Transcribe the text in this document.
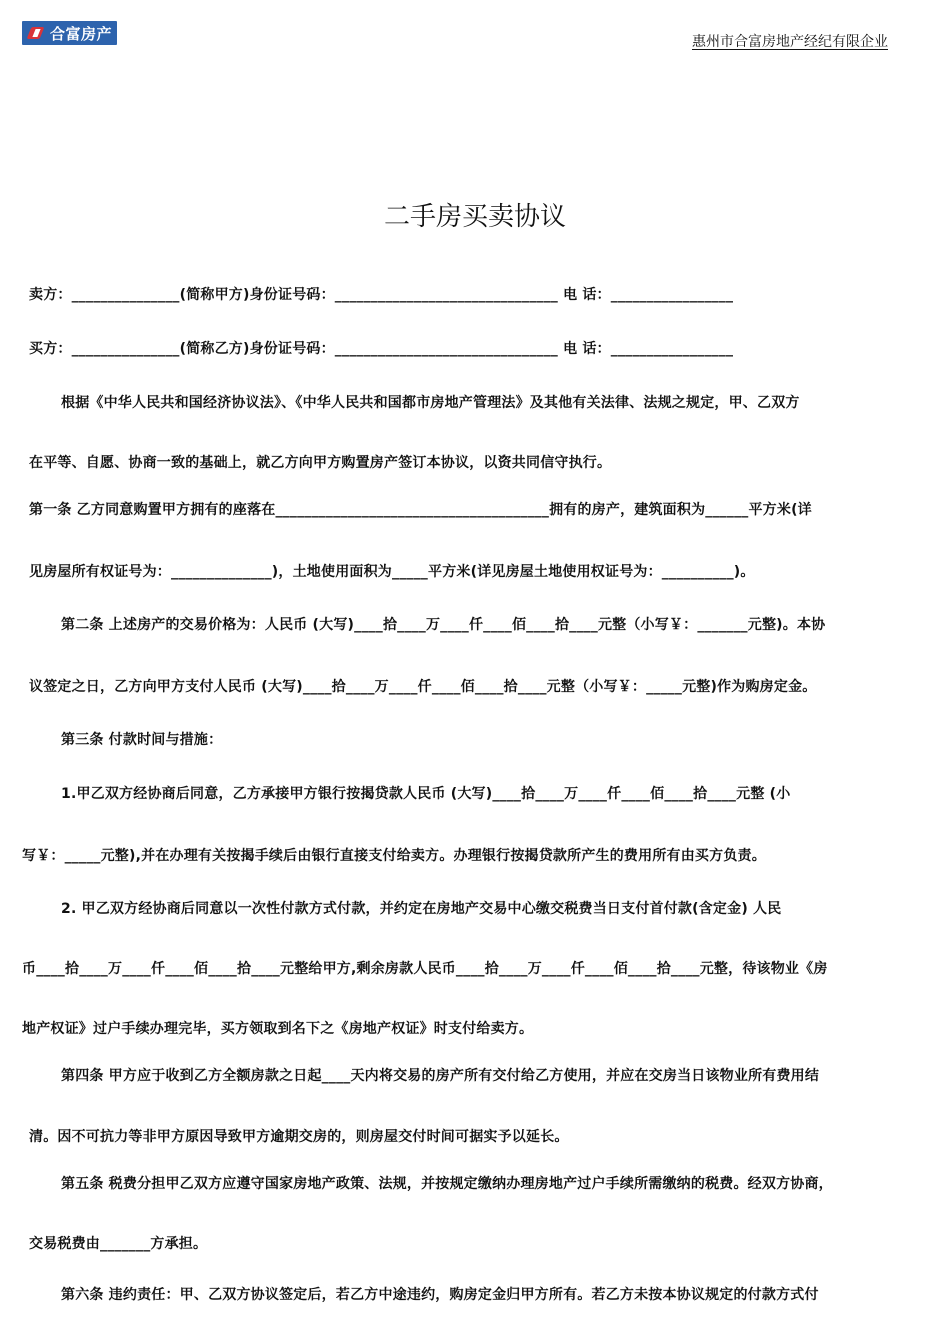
合富房产	惠州市合富房地产经纪有限企业
二手房买卖协议
卖方：_______________(简称甲方)身份证号码：_______________________________ 电 话：_________________
买方：_______________(简称乙方)身份证号码：_______________________________ 电 话：_________________
根据《中华人民共和国经济协议法》、《中华人民共和国都市房地产管理法》及其他有关法律、法规之规定，甲、乙双方
在平等、自愿、协商一致的基础上，就乙方向甲方购置房产签订本协议，以资共同信守执行。
第一条 乙方同意购置甲方拥有的座落在______________________________________拥有的房产，建筑面积为______平方米(详
见房屋所有权证号为：______________)，土地使用面积为_____平方米(详见房屋土地使用权证号为：__________)。
第二条 上述房产的交易价格为：人民币 (大写)____拾____万____仟____佰____拾____元整（小写￥：_______元整)。本协
议签定之日，乙方向甲方支付人民币 (大写)____拾____万____仟____佰____拾____元整（小写￥：_____元整)作为购房定金。
第三条 付款时间与措施：
1.甲乙双方经协商后同意，乙方承接甲方银行按揭贷款人民币 (大写)____拾____万____仟____佰____拾____元整 (小
写￥：_____元整),并在办理有关按揭手续后由银行直接支付给卖方。办理银行按揭贷款所产生的费用所有由买方负责。
2. 甲乙双方经协商后同意以一次性付款方式付款，并约定在房地产交易中心缴交税费当日支付首付款(含定金) 人民
币____拾____万____仟____佰____拾____元整给甲方,剩余房款人民币____拾____万____仟____佰____拾____元整，待该物业《房
地产权证》过户手续办理完毕，买方领取到名下之《房地产权证》时支付给卖方。
第四条 甲方应于收到乙方全额房款之日起____天内将交易的房产所有交付给乙方使用，并应在交房当日该物业所有费用结
清。因不可抗力等非甲方原因导致甲方逾期交房的，则房屋交付时间可据实予以延长。
第五条 税费分担甲乙双方应遵守国家房地产政策、法规，并按规定缴纳办理房地产过户手续所需缴纳的税费。经双方协商，
交易税费由_______方承担。
第六条 违约责任：甲、乙双方协议签定后，若乙方中途违约，购房定金归甲方所有。若乙方未按本协议规定的付款方式付
